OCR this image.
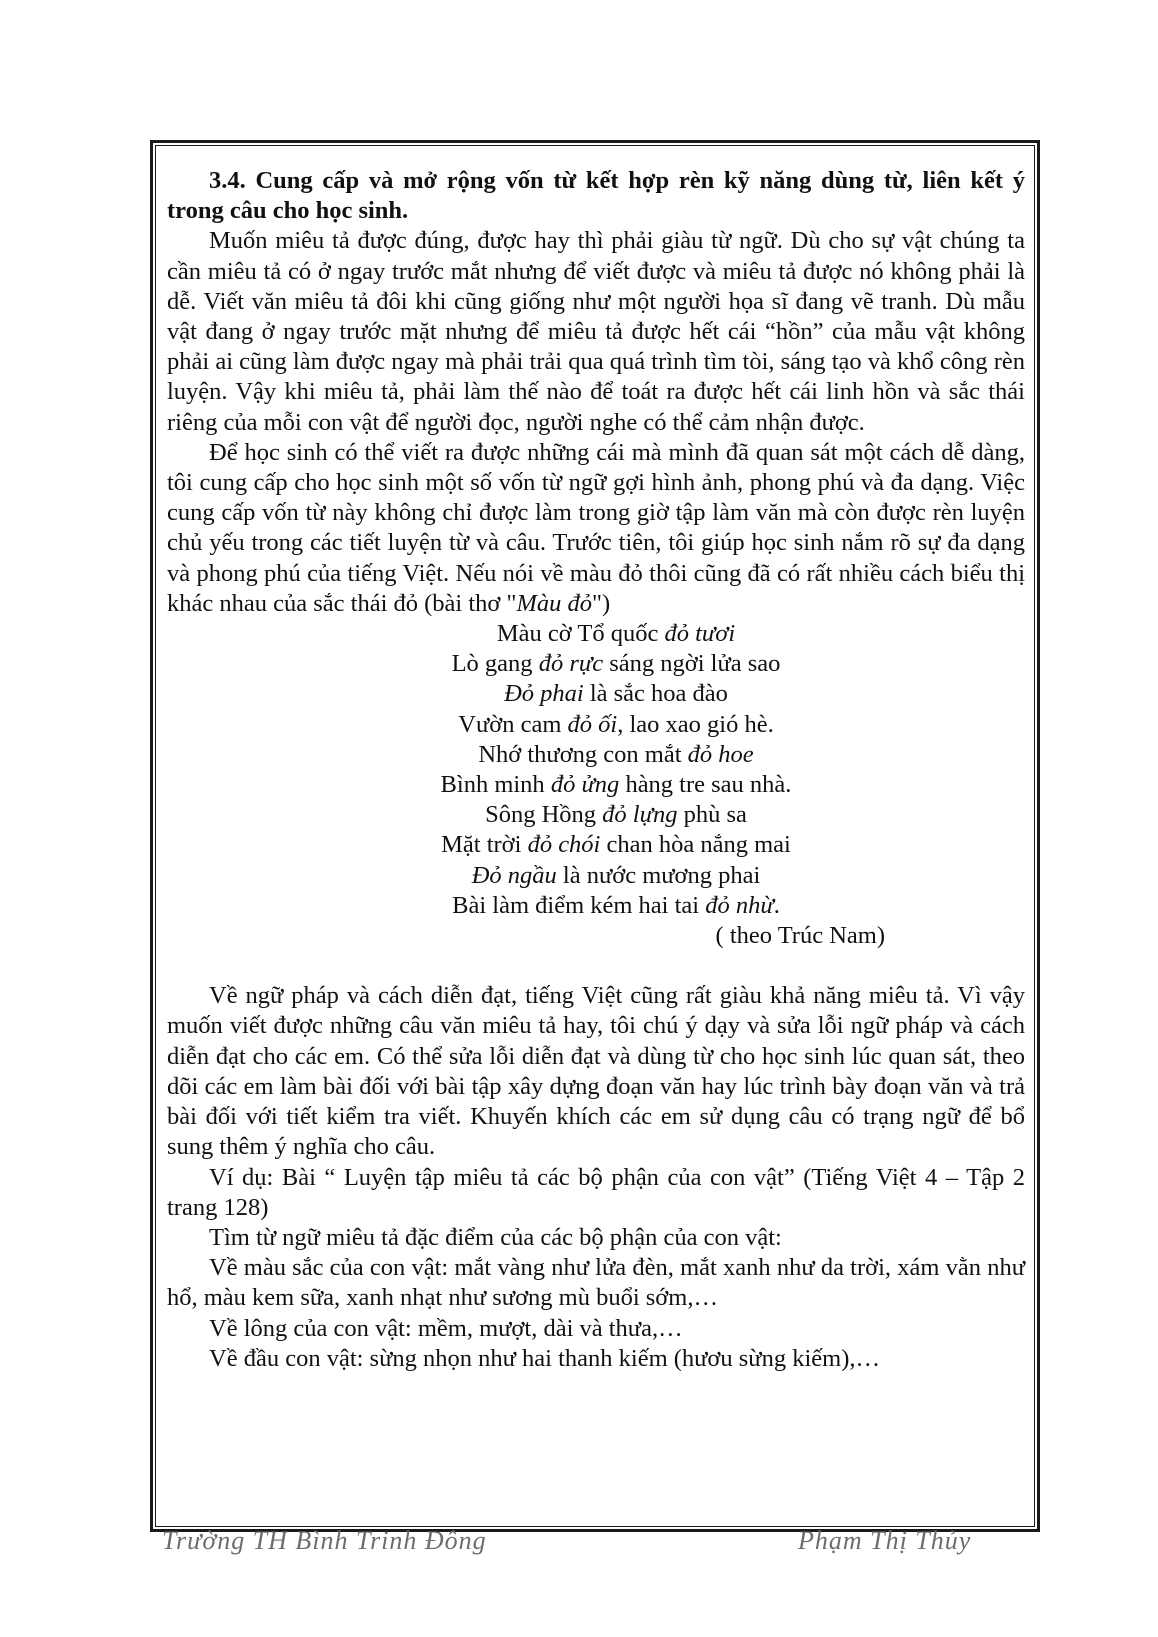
3.4. Cung cấp và mở rộng vốn từ kết hợp rèn kỹ năng dùng từ, liên kết ý trong câu cho học sinh.

Muốn miêu tả được đúng, được hay thì phải giàu từ ngữ. Dù cho sự vật chúng ta cần miêu tả có ở ngay trước mắt nhưng để viết được và miêu tả được nó không phải là dễ. Viết văn miêu tả đôi khi cũng giống như một người họa sĩ đang vẽ tranh. Dù mẫu vật đang ở ngay trước mặt nhưng để miêu tả được hết cái “hồn” của mẫu vật không phải ai cũng làm được ngay mà phải trải qua quá trình tìm tòi, sáng tạo và khổ công rèn luyện. Vậy khi miêu tả, phải làm thế nào để toát ra được hết cái linh hồn và sắc thái riêng của mỗi con vật để người đọc, người nghe có thể cảm nhận được.

Để học sinh có thể viết ra được những cái mà mình đã quan sát một cách dễ dàng, tôi cung cấp cho học sinh một số vốn từ ngữ gợi hình ảnh, phong phú và đa dạng. Việc cung cấp vốn từ này không chỉ được làm trong giờ tập làm văn mà còn được rèn luyện chủ yếu trong các tiết luyện từ và câu. Trước tiên, tôi giúp học sinh nắm rõ sự đa dạng và phong phú của tiếng Việt. Nếu nói về màu đỏ thôi cũng đã có rất nhiều cách biểu thị khác nhau của sắc thái đỏ (bài thơ "Màu đỏ")

Màu cờ Tổ quốc đỏ tươi
Lò gang đỏ rực sáng ngời lửa sao
Đỏ phai là sắc hoa đào
Vườn cam đỏ ối, lao xao gió hè.
Nhớ thương con mắt đỏ hoe
Bình minh đỏ ửng hàng tre sau nhà.
Sông Hồng đỏ lựng phù sa
Mặt trời đỏ chói chan hòa nắng mai
Đỏ ngầu là nước mương phai
Bài làm điểm kém hai tai đỏ nhừ.

( theo Trúc Nam)

Về ngữ pháp và cách diễn đạt, tiếng Việt cũng rất giàu khả năng miêu tả. Vì vậy muốn viết được những câu văn miêu tả hay, tôi chú ý dạy và sửa lỗi ngữ pháp và cách diễn đạt cho các em. Có thể sửa lỗi diễn đạt và dùng từ cho học sinh lúc quan sát, theo dõi các em làm bài đối với bài tập xây dựng đoạn văn hay lúc trình bày đoạn văn và trả bài đối với tiết kiểm tra viết. Khuyến khích các em sử dụng câu có trạng ngữ để bổ sung thêm ý nghĩa cho câu.

Ví dụ: Bài “ Luyện tập miêu tả các bộ phận của con vật” (Tiếng Việt 4 – Tập 2 trang 128)

Tìm từ ngữ miêu tả đặc điểm của các bộ phận của con vật:

Về màu sắc của con vật: mắt vàng như lửa đèn, mắt xanh như da trời, xám vằn như hổ, màu kem sữa, xanh nhạt như sương mù buổi sớm,…

Về lông của con vật: mềm, mượt, dài và thưa,…

Về đầu con vật: sừng nhọn như hai thanh kiếm (hươu sừng kiếm),…

Trường TH Bình Trinh Đông	Phạm Thị Thủy
